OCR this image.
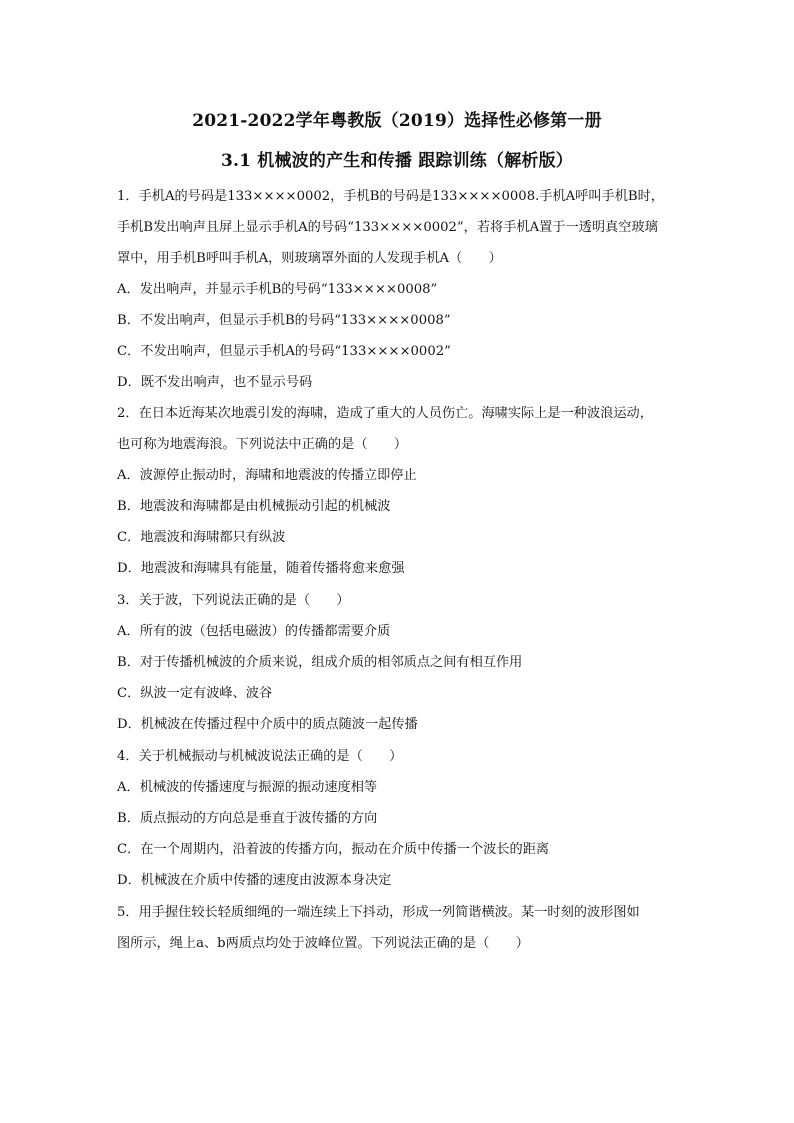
2021-2022学年粤教版（2019）选择性必修第一册
3.1 机械波的产生和传播 跟踪训练（解析版）
1．手机A的号码是133××××0002，手机B的号码是133××××0008.手机A呼叫手机B时，
手机B发出响声且屏上显示手机A的号码“133××××0002”，若将手机A置于一透明真空玻璃
罩中，用手机B呼叫手机A，则玻璃罩外面的人发现手机A（　　）
A．发出响声，并显示手机B的号码“133××××0008”
B．不发出响声，但显示手机B的号码“133××××0008”
C．不发出响声，但显示手机A的号码“133××××0002”
D．既不发出响声，也不显示号码
2．在日本近海某次地震引发的海啸，造成了重大的人员伤亡。海啸实际上是一种波浪运动，
也可称为地震海浪。下列说法中正确的是（　　）
A．波源停止振动时，海啸和地震波的传播立即停止
B．地震波和海啸都是由机械振动引起的机械波
C．地震波和海啸都只有纵波
D．地震波和海啸具有能量，随着传播将愈来愈强
3．关于波，下列说法正确的是（　　）
A．所有的波（包括电磁波）的传播都需要介质
B．对于传播机械波的介质来说，组成介质的相邻质点之间有相互作用
C．纵波一定有波峰、波谷
D．机械波在传播过程中介质中的质点随波一起传播
4．关于机械振动与机械波说法正确的是（　　）
A．机械波的传播速度与振源的振动速度相等
B．质点振动的方向总是垂直于波传播的方向
C．在一个周期内，沿着波的传播方向，振动在介质中传播一个波长的距离
D．机械波在介质中传播的速度由波源本身决定
5．用手握住较长轻质细绳的一端连续上下抖动，形成一列简谐横波。某一时刻的波形图如
图所示，绳上a、b两质点均处于波峰位置。下列说法正确的是（　　）
